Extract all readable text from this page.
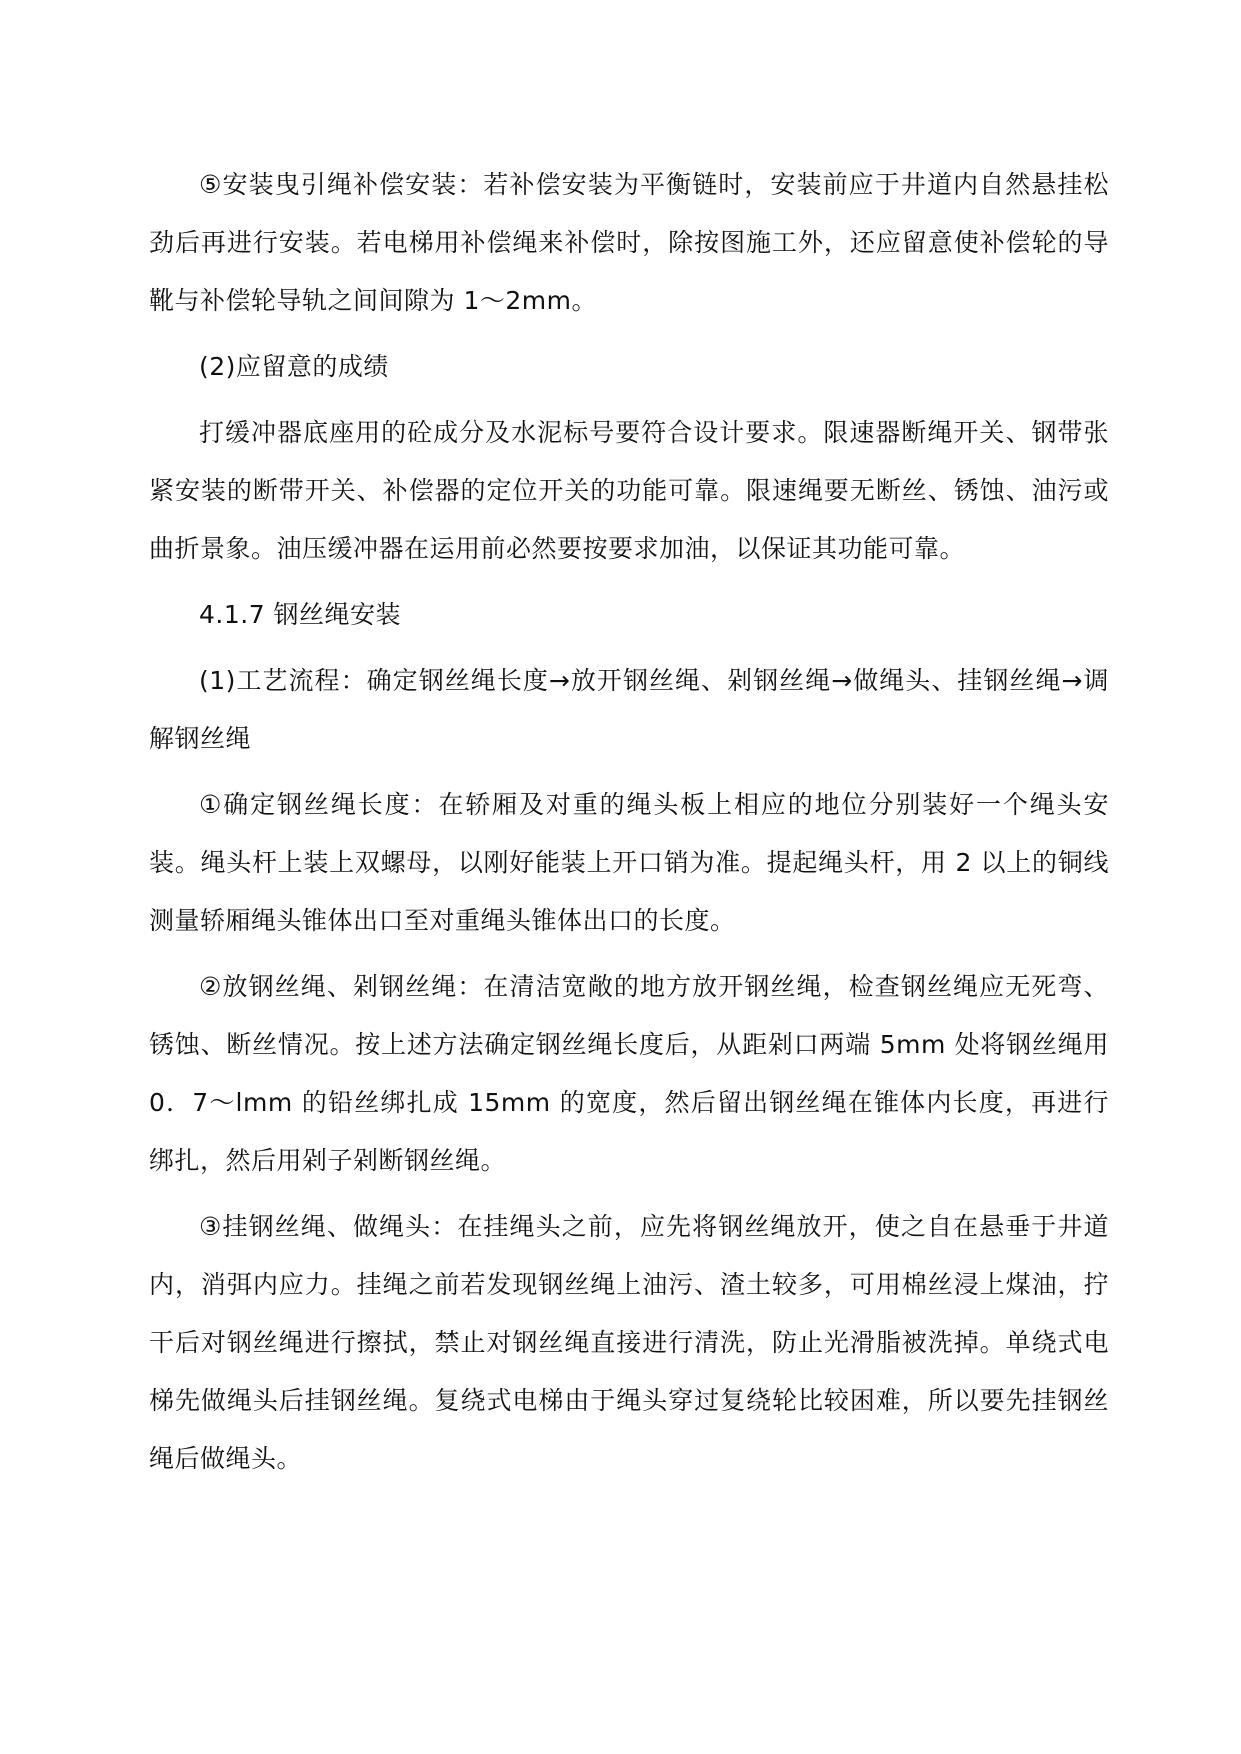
⑤安装曳引绳补偿安装：若补偿安装为平衡链时，安装前应于井道内自然悬挂松劲后再进行安装。若电梯用补偿绳来补偿时，除按图施工外，还应留意使补偿轮的导靴与补偿轮导轨之间间隙为 1～2mm。

(2)应留意的成绩

打缓冲器底座用的砼成分及水泥标号要符合设计要求。限速器断绳开关、钢带张紧安装的断带开关、补偿器的定位开关的功能可靠。限速绳要无断丝、锈蚀、油污或曲折景象。油压缓冲器在运用前必然要按要求加油，以保证其功能可靠。

4.1.7 钢丝绳安装

(1)工艺流程：确定钢丝绳长度→放开钢丝绳、剁钢丝绳→做绳头、挂钢丝绳→调解钢丝绳

①确定钢丝绳长度：在轿厢及对重的绳头板上相应的地位分别装好一个绳头安装。绳头杆上装上双螺母，以刚好能装上开口销为准。提起绳头杆，用 2 以上的铜线测量轿厢绳头锥体出口至对重绳头锥体出口的长度。

②放钢丝绳、剁钢丝绳：在清洁宽敞的地方放开钢丝绳，检查钢丝绳应无死弯、锈蚀、断丝情况。按上述方法确定钢丝绳长度后，从距剁口两端 5mm 处将钢丝绳用 0．7～lmm 的铅丝绑扎成 15mm 的宽度，然后留出钢丝绳在锥体内长度，再进行绑扎，然后用剁子剁断钢丝绳。

③挂钢丝绳、做绳头：在挂绳头之前，应先将钢丝绳放开，使之自在悬垂于井道内，消弭内应力。挂绳之前若发现钢丝绳上油污、渣土较多，可用棉丝浸上煤油，拧干后对钢丝绳进行擦拭，禁止对钢丝绳直接进行清洗，防止光滑脂被洗掉。单绕式电梯先做绳头后挂钢丝绳。复绕式电梯由于绳头穿过复绕轮比较困难，所以要先挂钢丝绳后做绳头。
